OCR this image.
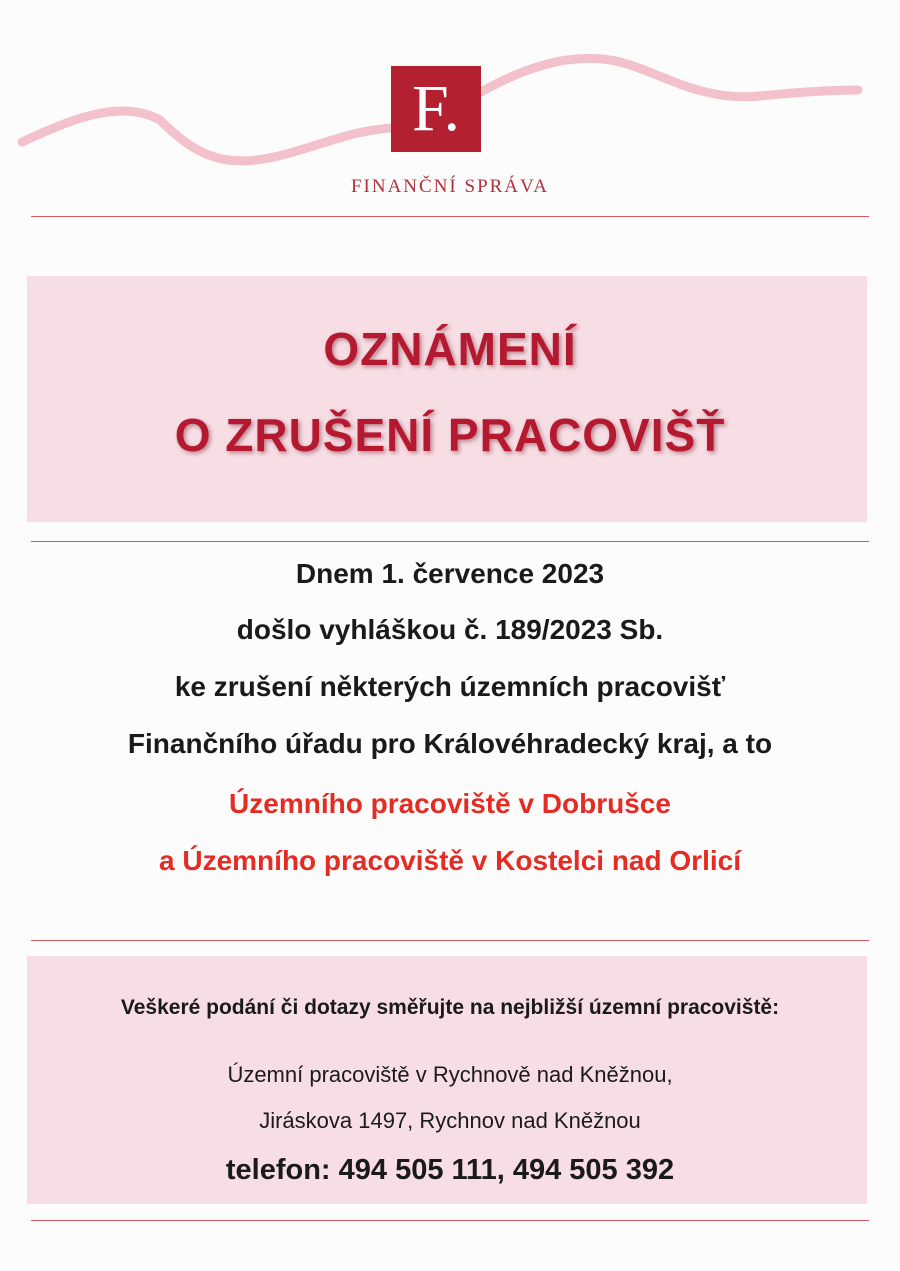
F.
FINANČNÍ SPRÁVA
OZNÁMENÍ
O ZRUŠENÍ PRACOVIŠŤ
Dnem 1. července 2023
došlo vyhláškou č. 189/2023 Sb.
ke zrušení některých územních pracovišť
Finančního úřadu pro Královéhradecký kraj, a to
Územního pracoviště v Dobrušce
a Územního pracoviště v Kostelci nad Orlicí
Veškeré podání či dotazy směřujte na nejbližší územní pracoviště:
Územní pracoviště v Rychnově nad Kněžnou,
Jiráskova 1497, Rychnov nad Kněžnou
telefon: 494 505 111, 494 505 392
